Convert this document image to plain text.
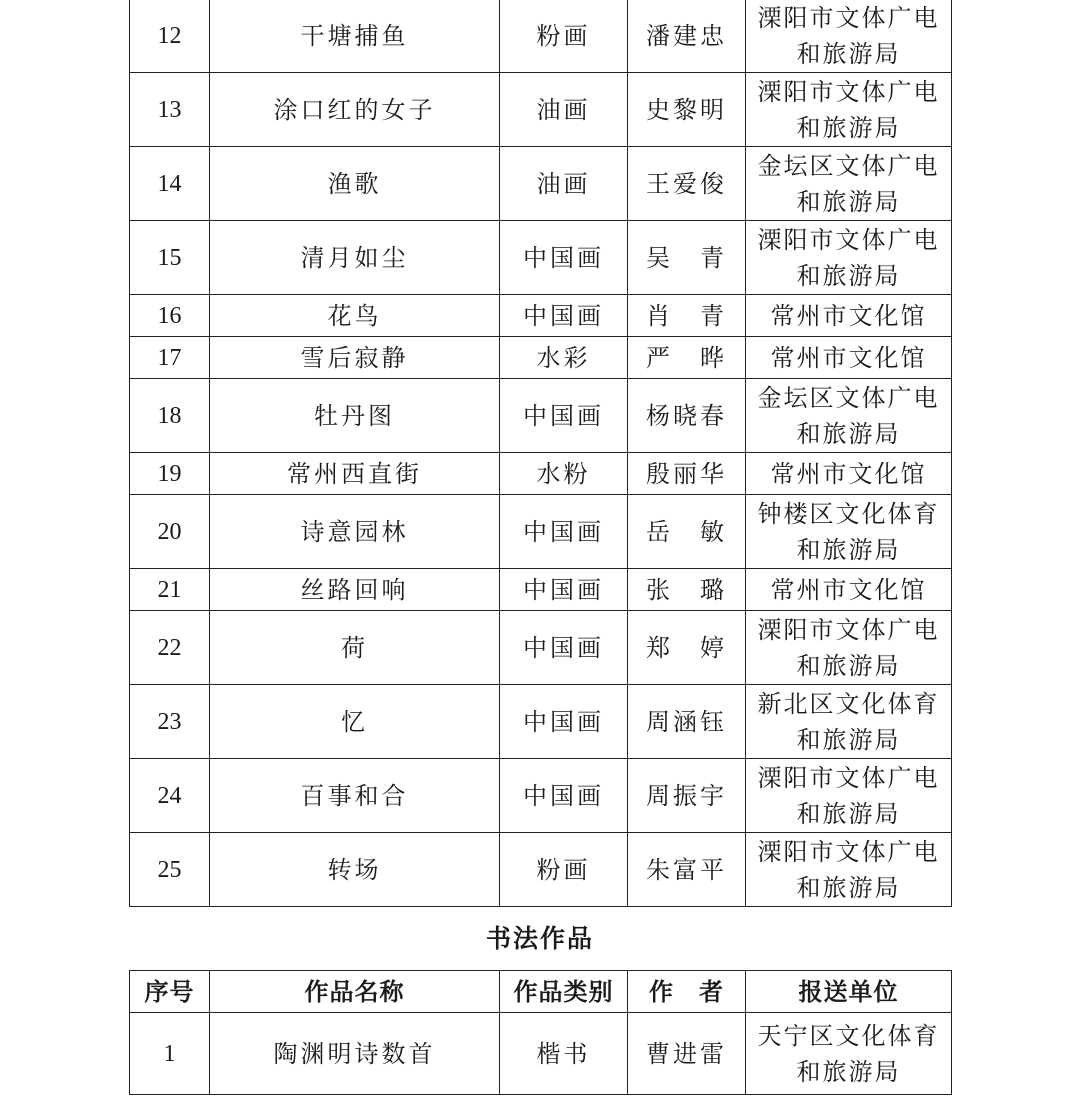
12	干塘捕鱼	粉画	潘建忠	溧阳市文体广电
和旅游局

13	涂口红的女子	油画	史黎明	溧阳市文体广电
和旅游局

14	渔歌	油画	王爱俊	金坛区文体广电
和旅游局

15	清月如尘	中国画	吴　青	溧阳市文体广电
和旅游局

16	花鸟	中国画	肖　青	常州市文化馆

17	雪后寂静	水彩	严　晔	常州市文化馆

18	牡丹图	中国画	杨晓春	金坛区文体广电
和旅游局

19	常州西直街	水粉	殷丽华	常州市文化馆

20	诗意园林	中国画	岳　敏	钟楼区文化体育
和旅游局

21	丝路回响	中国画	张　璐	常州市文化馆

22	荷	中国画	郑　婷	溧阳市文体广电
和旅游局

23	忆	中国画	周涵钰	新北区文化体育
和旅游局

24	百事和合	中国画	周振宇	溧阳市文体广电
和旅游局

25	转场	粉画	朱富平	溧阳市文体广电
和旅游局
书法作品
序号	作品名称	作品类别	作　者	报送单位
1	陶渊明诗数首	楷书	曹进雷	天宁区文化体育
和旅游局
